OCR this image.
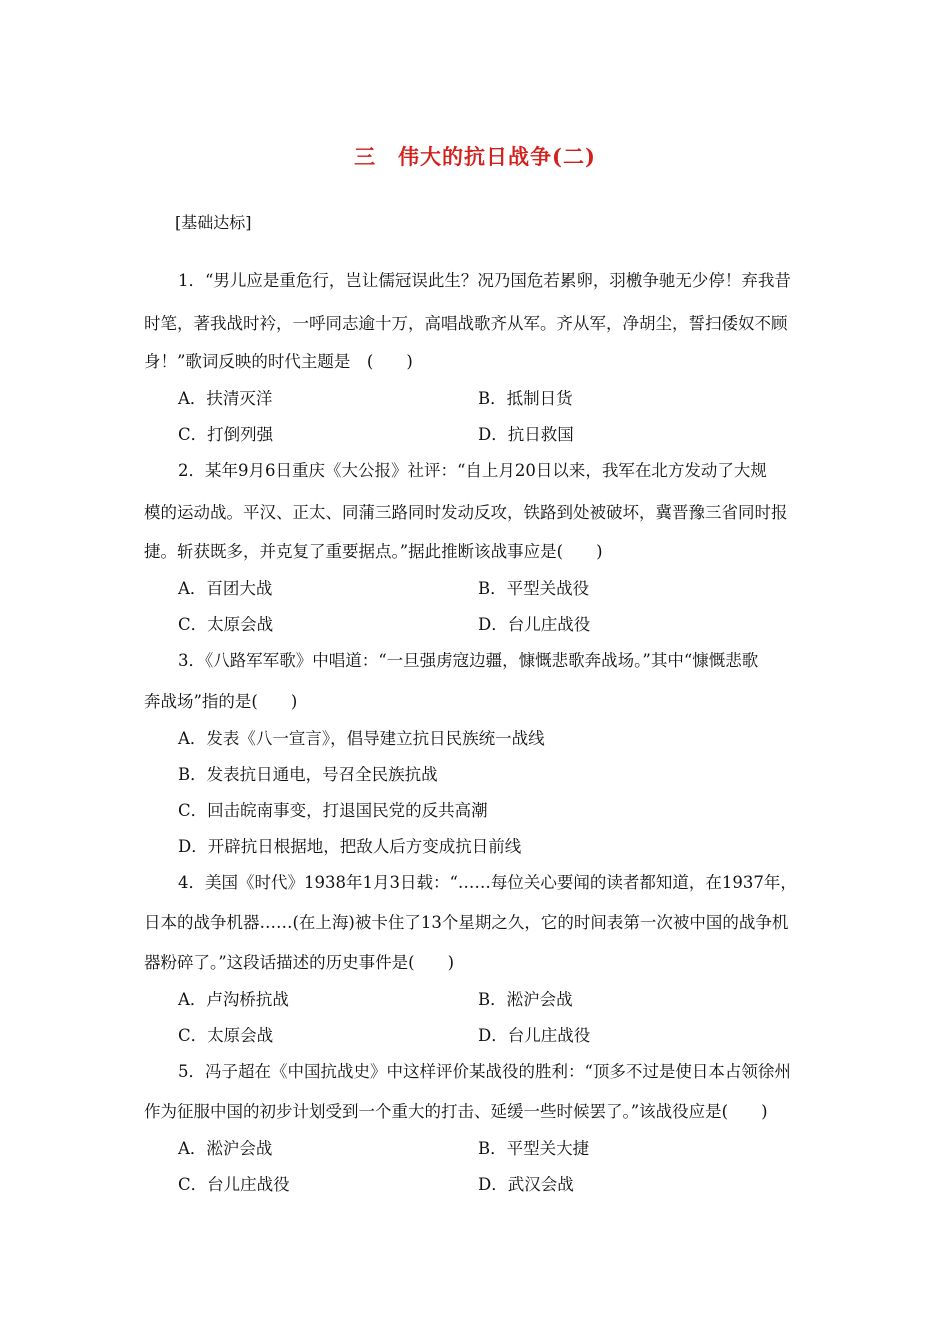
三　伟大的抗日战争(二)
[基础达标]
1．“男儿应是重危行，岂让儒冠误此生？况乃国危若累卵，羽檄争驰无少停！弃我昔
时笔，著我战时衿，一呼同志逾十万，高唱战歌齐从军。齐从军，净胡尘，誓扫倭奴不顾
身！”歌词反映的时代主题是　(　　)
A．扶清灭洋	B．抵制日货
C．打倒列强	D．抗日救国
2．某年9月6日重庆《大公报》社评：“自上月20日以来，我军在北方发动了大规
模的运动战。平汉、正太、同蒲三路同时发动反攻，铁路到处被破坏，冀晋豫三省同时报
捷。斩获既多，并克复了重要据点。”据此推断该战事应是(　　)
A．百团大战	B．平型关战役
C．太原会战	D．台儿庄战役
3．《八路军军歌》中唱道：“一旦强虏寇边疆，慷慨悲歌奔战场。”其中“慷慨悲歌
奔战场”指的是(　　)
A．发表《八一宣言》，倡导建立抗日民族统一战线
B．发表抗日通电，号召全民族抗战
C．回击皖南事变，打退国民党的反共高潮
D．开辟抗日根据地，把敌人后方变成抗日前线
4．美国《时代》1938年1月3日载：“……每位关心要闻的读者都知道，在1937年，
日本的战争机器……(在上海)被卡住了13个星期之久，它的时间表第一次被中国的战争机
器粉碎了。”这段话描述的历史事件是(　　)
A．卢沟桥抗战	B．淞沪会战
C．太原会战	D．台儿庄战役
5．冯子超在《中国抗战史》中这样评价某战役的胜利：“顶多不过是使日本占领徐州
作为征服中国的初步计划受到一个重大的打击、延缓一些时候罢了。”该战役应是(　　)
A．淞沪会战	B．平型关大捷
C．台儿庄战役	D．武汉会战
